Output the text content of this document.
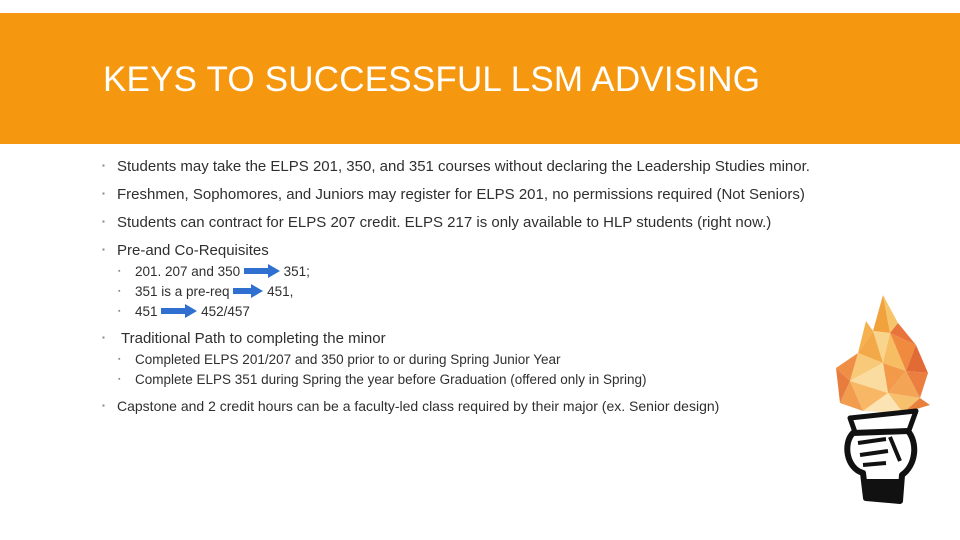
KEYS TO SUCCESSFUL LSM ADVISING
▪ Students may take the ELPS 201, 350, and 351 courses without declaring the Leadership Studies minor.
▪ Freshmen, Sophomores, and Juniors may register for ELPS 201, no permissions required (Not Seniors)
▪ Students can contract for ELPS 207 credit. ELPS 217 is only available to HLP students (right now.)
▪ Pre-and Co-Requisites
▪ 201. 207 and 350	351;
▪ 351 is a pre-req	451,
▪ 451	452/457
▪ Traditional Path to completing the minor
▪ Completed ELPS 201/207 and 350 prior to or during Spring Junior Year
▪ Complete ELPS 351 during Spring the year before Graduation (offered only in Spring)
▪ Capstone and 2 credit hours can be a faculty-led class required by their major (ex. Senior design)
